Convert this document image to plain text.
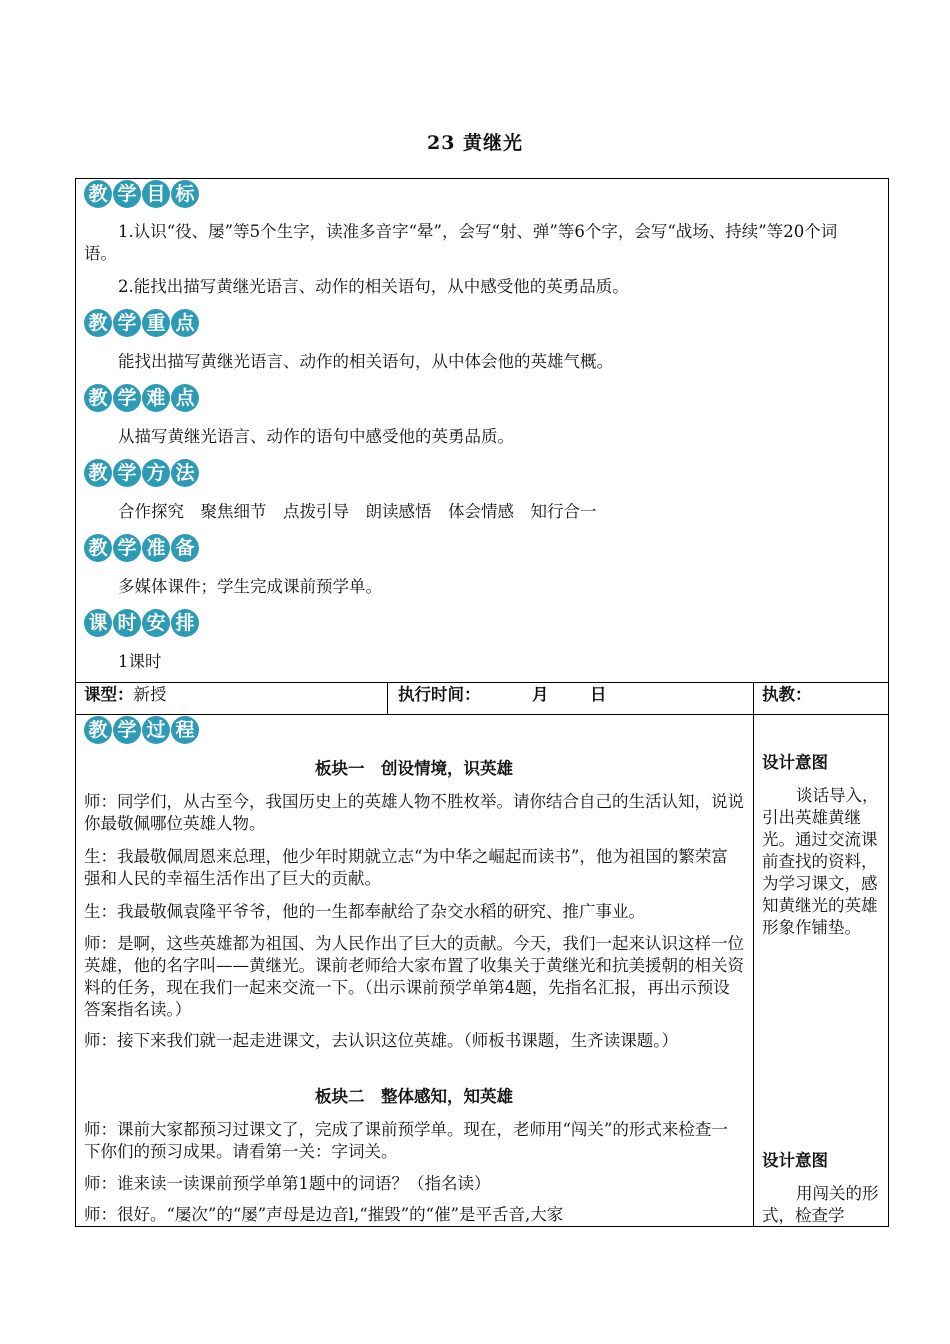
23 黄继光
教 学 目 标
1.认识“役、屡”等5个生字，读准多音字“晕”，会写“射、弹”等6个字，会写“战场、持续”等20个词语。
2.能找出描写黄继光语言、动作的相关语句，从中感受他的英勇品质。
教 学 重 点
能找出描写黄继光语言、动作的相关语句，从中体会他的英雄气概。
教 学 难 点
从描写黄继光语言、动作的语句中感受他的英勇品质。
教 学 方 法
合作探究　聚焦细节　点拨引导　朗读感悟　体会情感　知行合一
教 学 准 备
多媒体课件；学生完成课前预学单。
课 时 安 排
1课时
课型：新授	执行时间：	月	日	执教：
教 学 过 程
板块一　创设情境，识英雄
师：同学们，从古至今，我国历史上的英雄人物不胜枚举。请你结合自己的生活认知，说说你最敬佩哪位英雄人物。
生：我最敬佩周恩来总理，他少年时期就立志“为中华之崛起而读书”，他为祖国的繁荣富强和人民的幸福生活作出了巨大的贡献。
生：我最敬佩袁隆平爷爷，他的一生都奉献给了杂交水稻的研究、推广事业。
师：是啊，这些英雄都为祖国、为人民作出了巨大的贡献。今天，我们一起来认识这样一位英雄，他的名字叫——黄继光。课前老师给大家布置了收集关于黄继光和抗美援朝的相关资料的任务，现在我们一起来交流一下。（出示课前预学单第4题，先指名汇报，再出示预设答案指名读。）
师：接下来我们就一起走进课文，去认识这位英雄。（师板书课题，生齐读课题。）
板块二　整体感知，知英雄
师：课前大家都预习过课文了，完成了课前预学单。现在，老师用“闯关”的形式来检查一下你们的预习成果。请看第一关：字词关。
师：谁来读一读课前预学单第1题中的词语？（指名读）
师：很好。“屡次”的“屡”声母是边音l,“摧毁”的“催”是平舌音,大家
设计意图
谈话导入，引出英雄黄继光。通过交流课前查找的资料，为学习课文，感知黄继光的英雄形象作铺垫。
设计意图
用闯关的形式，检查学
